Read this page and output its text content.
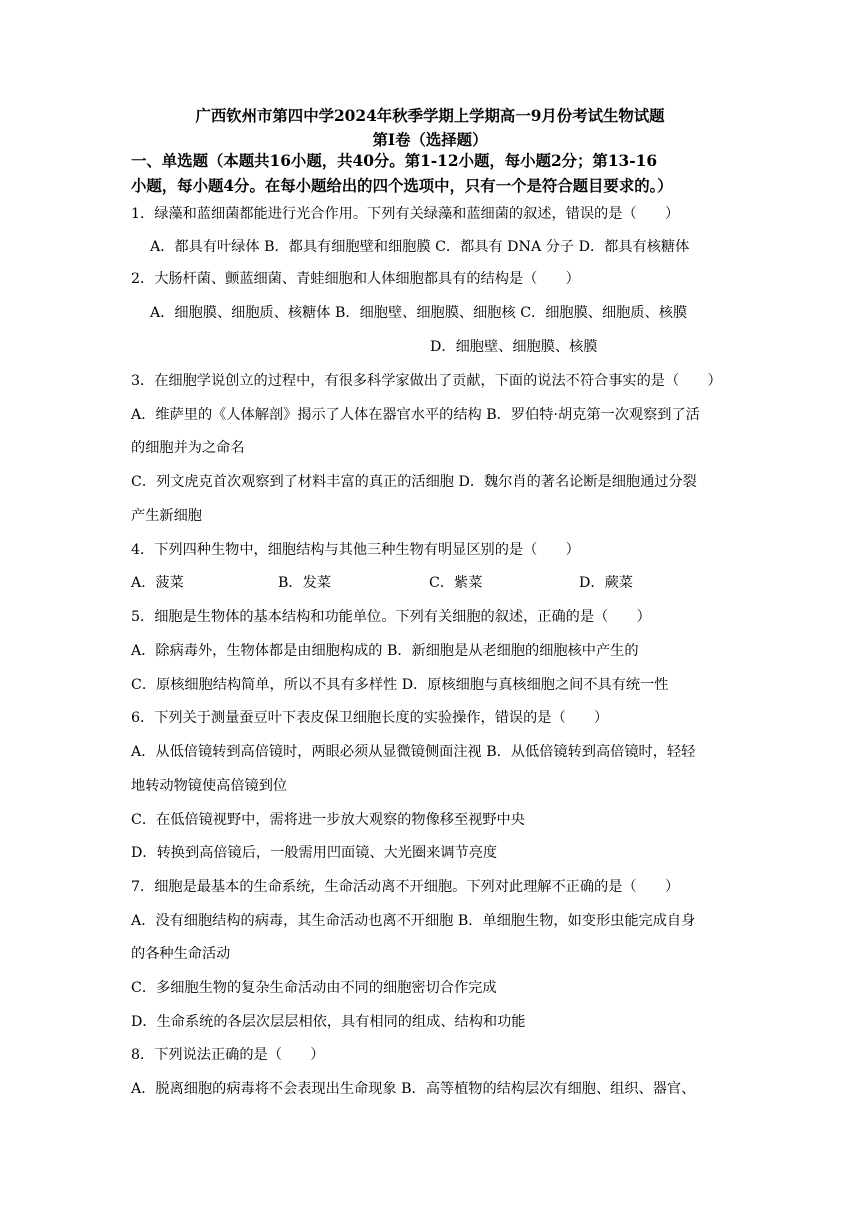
广西钦州市第四中学2024年秋季学期上学期高一9月份考试生物试题
第Ⅰ卷（选择题）
一、单选题（本题共16小题，共40分。第1-12小题，每小题2分；第13-16
小题，每小题4分。在每小题给出的四个选项中，只有一个是符合题目要求的。）
1．绿藻和蓝细菌都能进行光合作用。下列有关绿藻和蓝细菌的叙述，错误的是（　　）
A．都具有叶绿体 B．都具有细胞壁和细胞膜 C．都具有 DNA 分子 D．都具有核糖体
2．大肠杆菌、颤蓝细菌、青蛙细胞和人体细胞都具有的结构是（　　）
A．细胞膜、细胞质、核糖体 B．细胞壁、细胞膜、细胞核 C．细胞膜、细胞质、核膜
D．细胞壁、细胞膜、核膜
3．在细胞学说创立的过程中，有很多科学家做出了贡献，下面的说法不符合事实的是（　　）
A．维萨里的《人体解剖》揭示了人体在器官水平的结构 B．罗伯特·胡克第一次观察到了活
的细胞并为之命名
C．列文虎克首次观察到了材料丰富的真正的活细胞 D．魏尔肖的著名论断是细胞通过分裂
产生新细胞
4．下列四种生物中，细胞结构与其他三种生物有明显区别的是（　　）
A．菠菜	B．发菜	C．紫菜	D．蕨菜
5．细胞是生物体的基本结构和功能单位。下列有关细胞的叙述，正确的是（　　）
A．除病毒外，生物体都是由细胞构成的 B．新细胞是从老细胞的细胞核中产生的
C．原核细胞结构简单，所以不具有多样性 D．原核细胞与真核细胞之间不具有统一性
6．下列关于测量蚕豆叶下表皮保卫细胞长度的实验操作，错误的是（　　）
A．从低倍镜转到高倍镜时，两眼必须从显微镜侧面注视 B．从低倍镜转到高倍镜时，轻轻
地转动物镜使高倍镜到位
C．在低倍镜视野中，需将进一步放大观察的物像移至视野中央
D．转换到高倍镜后，一般需用凹面镜、大光圈来调节亮度
7．细胞是最基本的生命系统，生命活动离不开细胞。下列对此理解不正确的是（　　）
A．没有细胞结构的病毒，其生命活动也离不开细胞 B．单细胞生物，如变形虫能完成自身
的各种生命活动
C．多细胞生物的复杂生命活动由不同的细胞密切合作完成
D．生命系统的各层次层层相依，具有相同的组成、结构和功能
8．下列说法正确的是（　　）
A．脱离细胞的病毒将不会表现出生命现象 B．高等植物的结构层次有细胞、组织、器官、
